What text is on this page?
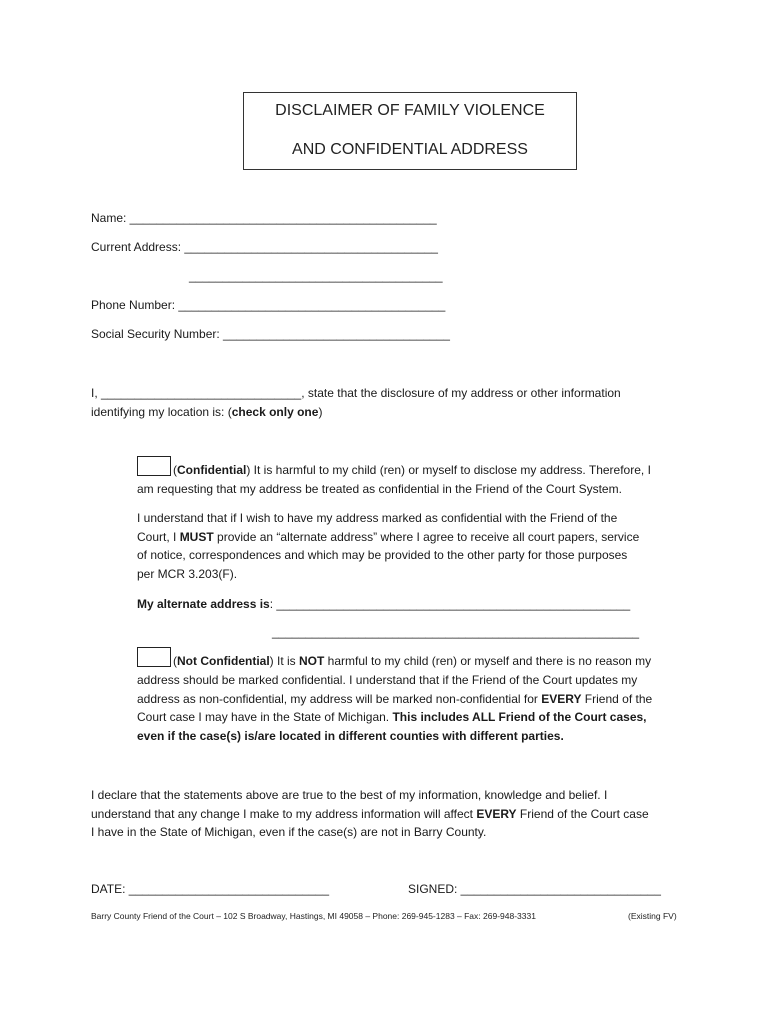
DISCLAIMER OF FAMILY VIOLENCE
AND CONFIDENTIAL ADDRESS
Name: ______________________________________________
Current Address: ______________________________________
______________________________________
Phone Number: ________________________________________
Social Security Number: __________________________________
I, ______________________________, state that the disclosure of my address or other information
identifying my location is: (check only one)
(Confidential) It is harmful to my child (ren) or myself to disclose my address. Therefore, I
am requesting that my address be treated as confidential in the Friend of the Court System.
I understand that if I wish to have my address marked as confidential with the Friend of the
Court, I MUST provide an “alternate address” where I agree to receive all court papers, service
of notice, correspondences and which may be provided to the other party for those purposes
per MCR 3.203(F).
My alternate address is: _____________________________________________________
_______________________________________________________
(Not Confidential) It is NOT harmful to my child (ren) or myself and there is no reason my
address should be marked confidential. I understand that if the Friend of the Court updates my
address as non-confidential, my address will be marked non-confidential for EVERY Friend of the
Court case I may have in the State of Michigan. This includes ALL Friend of the Court cases,
even if the case(s) is/are located in different counties with different parties.
I declare that the statements above are true to the best of my information, knowledge and belief. I
understand that any change I make to my address information will affect EVERY Friend of the Court case
I have in the State of Michigan, even if the case(s) are not in Barry County.
DATE: ______________________________	SIGNED: ______________________________
Barry County Friend of the Court – 102 S Broadway, Hastings, MI 49058 – Phone: 269-945-1283 – Fax: 269-948-3331	(Existing FV)
